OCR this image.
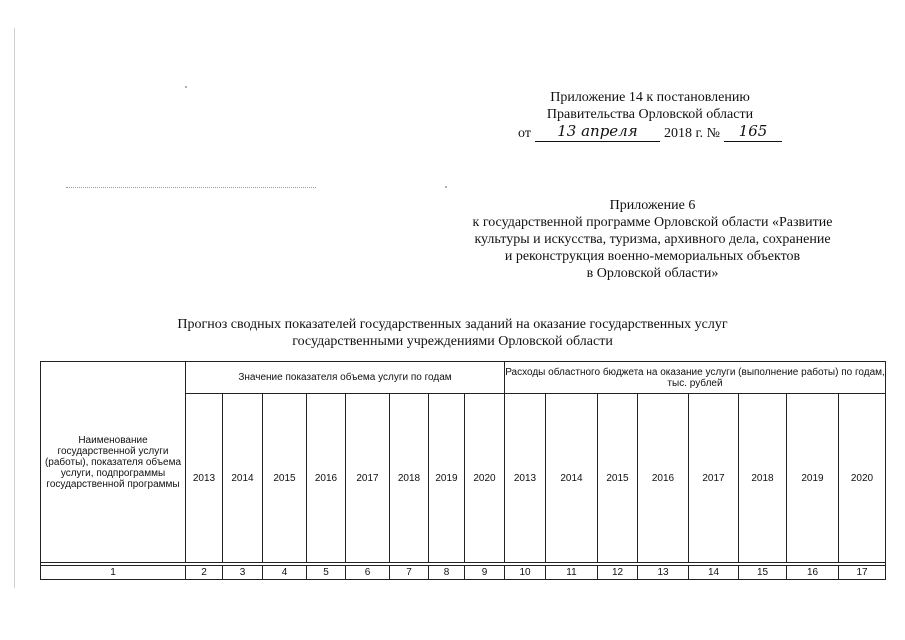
Приложение 14 к постановлению
Правительства Орловской области
от	13 апреля	2018 г. №	165
Приложение 6
к государственной программе Орловской области «Развитие
культуры и искусства, туризма, архивного дела, сохранение
и реконструкция военно-мемориальных объектов
в Орловской области»
Прогноз сводных показателей государственных заданий на оказание государственных услуг
государственными учреждениями Орловской области
Наименование государственной услуги (работы), показателя объема услуги, подпрограммы государственной программы	Значение показателя объема услуги по годам								Расходы областного бюджета на оказание услуги (выполнение работы) по годам, тыс. рублей							
	2013	2014	2015	2016	2017	2018	2019	2020	2013	2014	2015	2016	2017	2018	2019	2020

1	2	3	4	5	6	7	8	9	10	11	12	13	14	15	16	17
